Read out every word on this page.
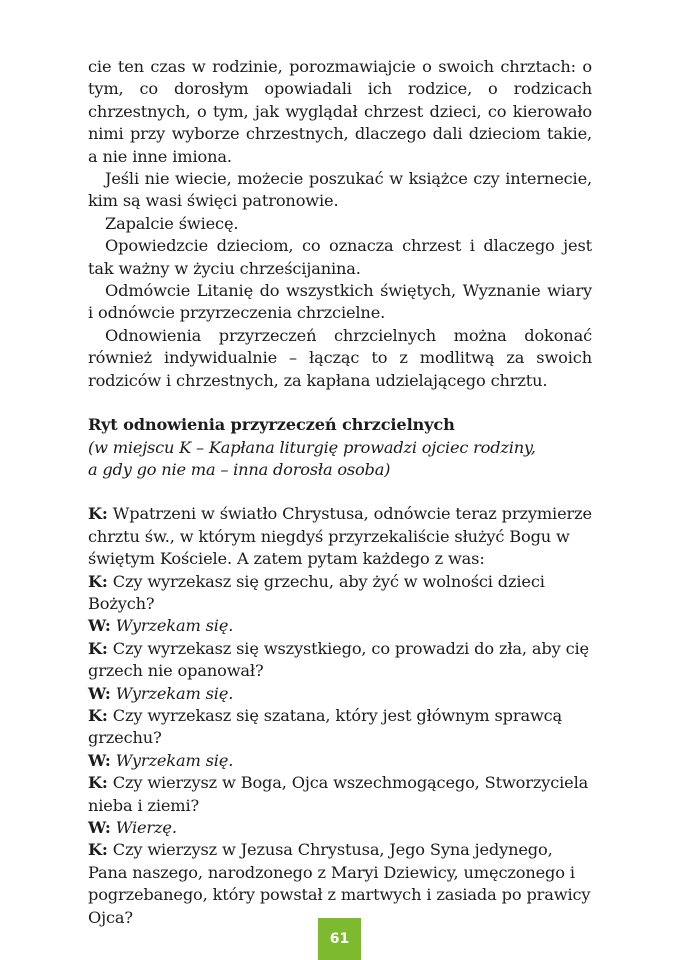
cie ten czas w rodzinie, porozmawiajcie o swoich chrztach: o tym, co dorosłym opowiadali ich rodzice, o rodzicach chrzestnych, o tym, jak wyglądał chrzest dzieci, co kierowało nimi przy wyborze chrzestnych, dlaczego dali dzieciom takie, a nie inne imiona.

Jeśli nie wiecie, możecie poszukać w książce czy internecie, kim są wasi święci patronowie.

Zapalcie świecę.

Opowiedzcie dzieciom, co oznacza chrzest i dlaczego jest tak ważny w życiu chrześcijanina.

Odmówcie Litanię do wszystkich świętych, Wyznanie wiary i odnówcie przyrzeczenia chrzcielne.

Odnowienia przyrzeczeń chrzcielnych można dokonać również indywidualnie – łącząc to z modlitwą za swoich rodziców i chrzestnych, za kapłana udzielającego chrztu.

Ryt odnowienia przyrzeczeń chrzcielnych

(w miejscu K – Kapłana liturgię prowadzi ojciec rodziny,

a gdy go nie ma – inna dorosła osoba)

K: Wpatrzeni w światło Chrystusa, odnówcie teraz przymierze chrztu św., w którym niegdyś przyrzekaliście służyć Bogu w świętym Kościele. A zatem pytam każdego z was:

K: Czy wyrzekasz się grzechu, aby żyć w wolności dzieci Bożych?

W: Wyrzekam się.

K: Czy wyrzekasz się wszystkiego, co prowadzi do zła, aby cię grzech nie opanował?

W: Wyrzekam się.

K: Czy wyrzekasz się szatana, który jest głównym sprawcą grzechu?

W: Wyrzekam się.

K: Czy wierzysz w Boga, Ojca wszechmogącego, Stworzyciela nieba i ziemi?

W: Wierzę.

K: Czy wierzysz w Jezusa Chrystusa, Jego Syna jedynego, Pana naszego, narodzonego z Maryi Dziewicy, umęczonego i pogrzebanego, który powstał z martwych i zasiada po prawicy Ojca?

61
